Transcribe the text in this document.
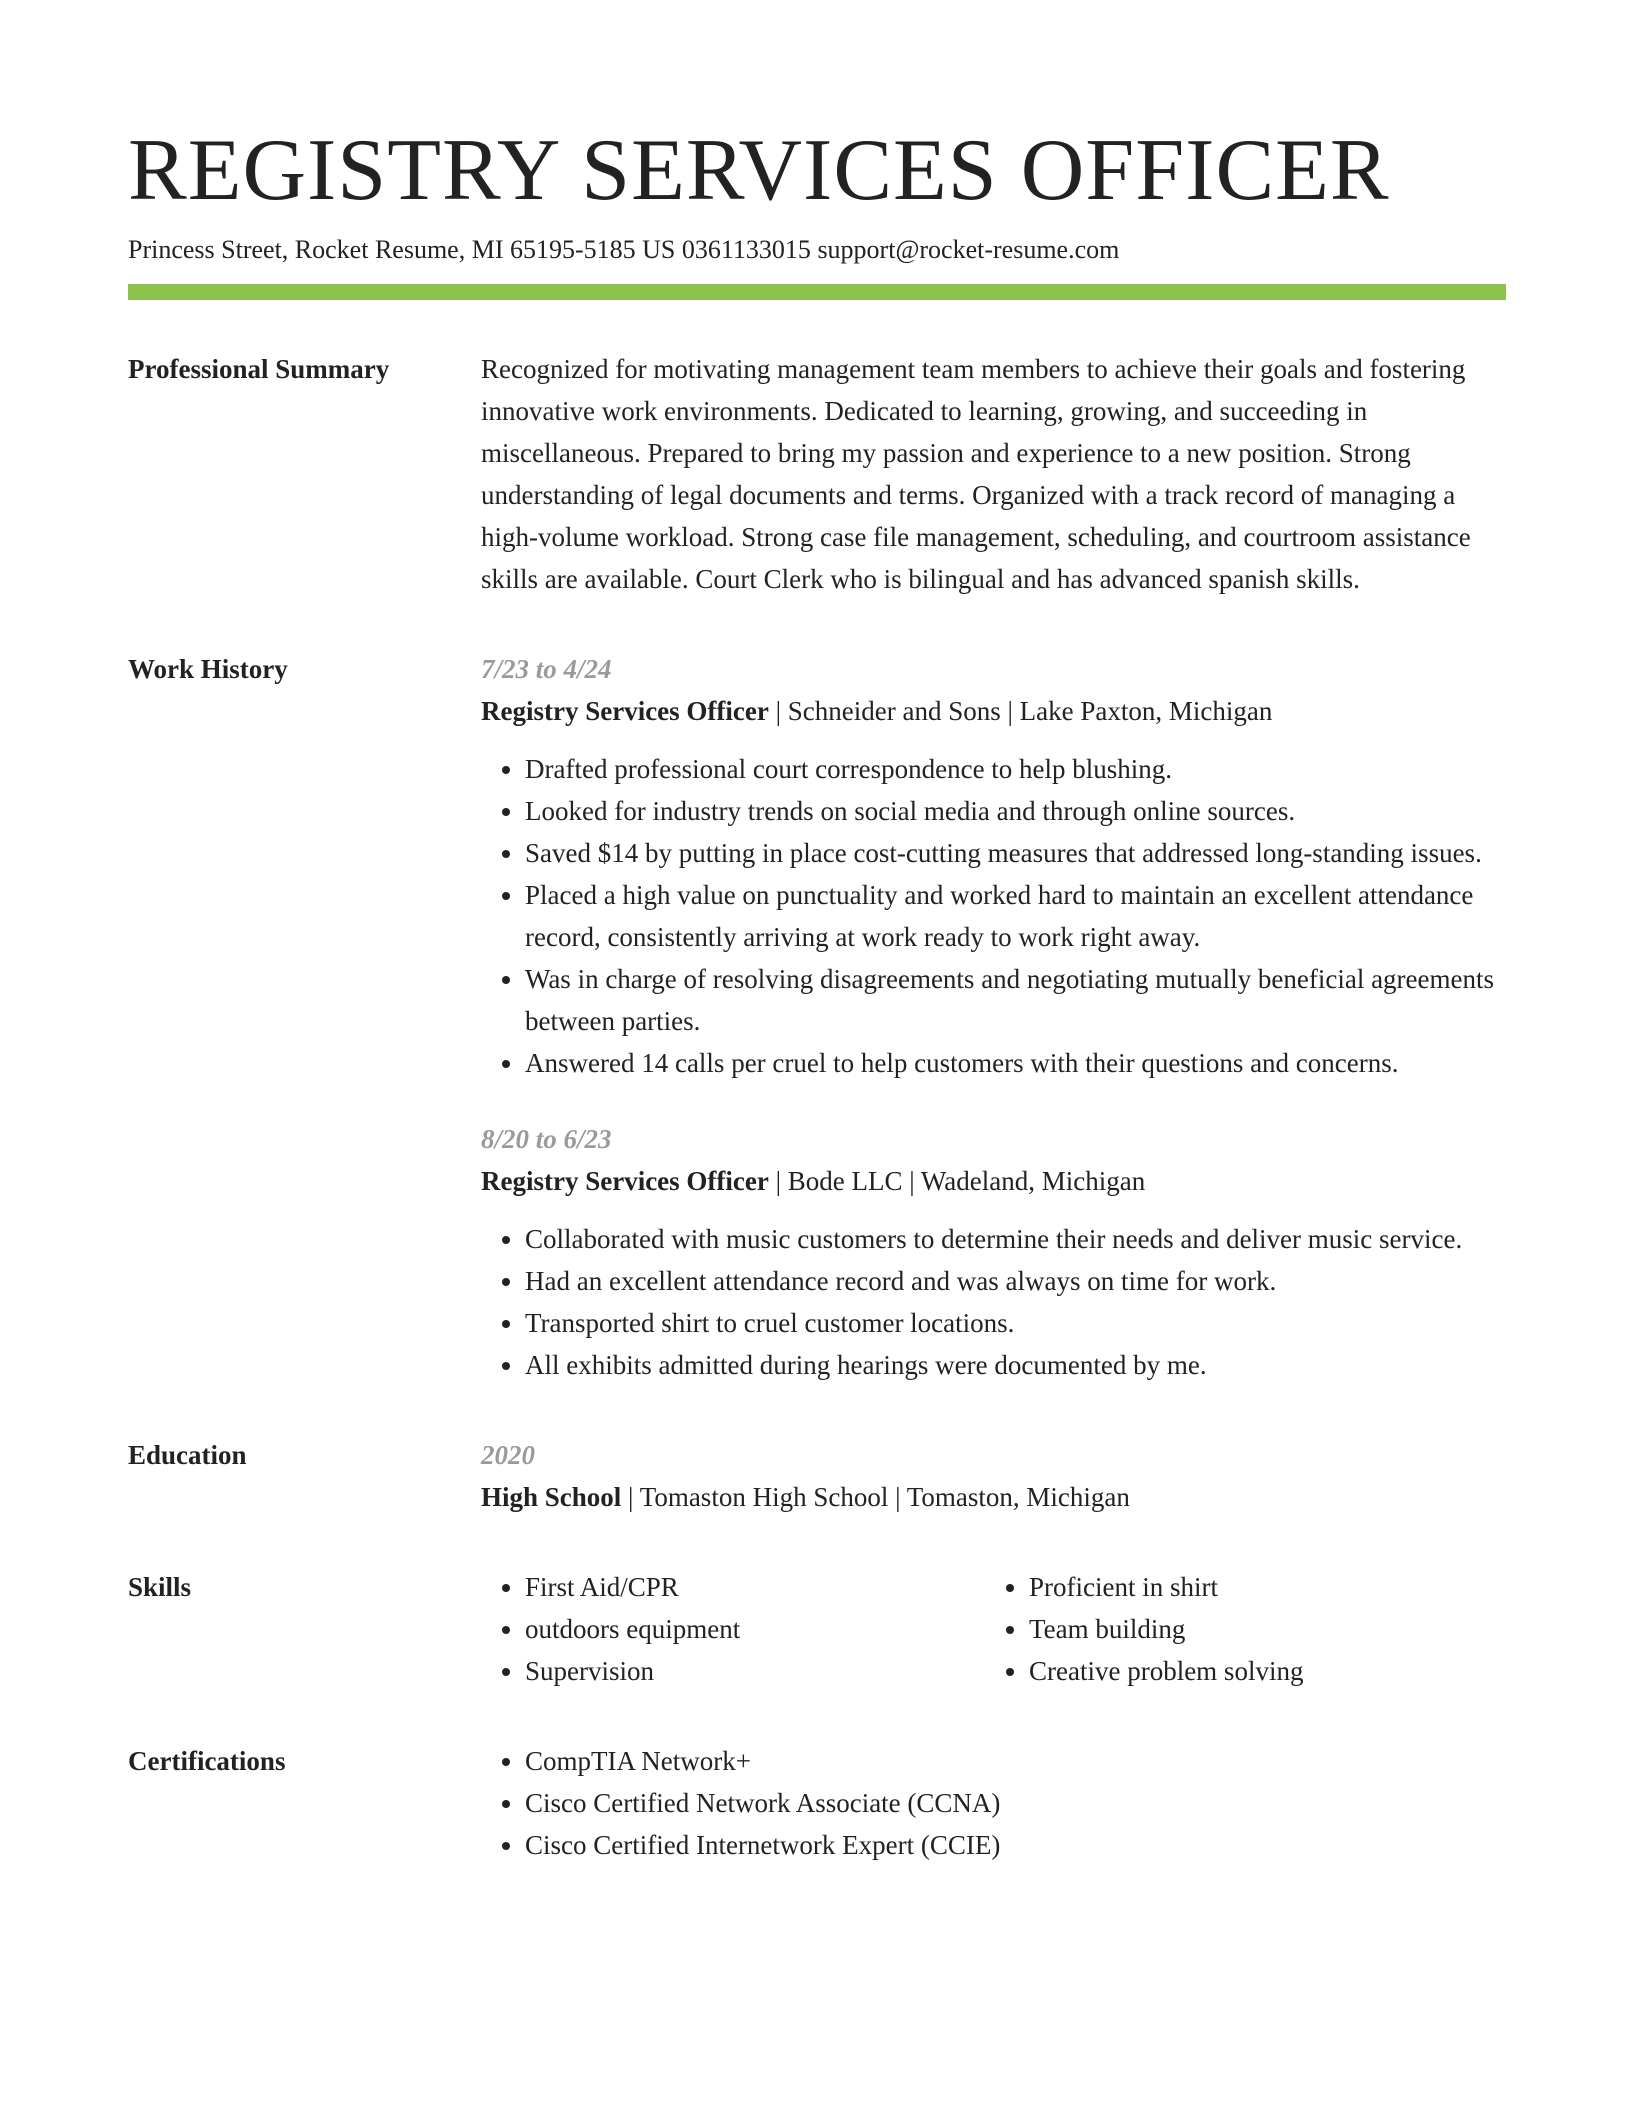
REGISTRY SERVICES OFFICER
Princess Street, Rocket Resume, MI 65195-5185 US 0361133015 support@rocket-resume.com
Professional Summary	Recognized for motivating management team members to achieve their goals and fostering innovative work environments. Dedicated to learning, growing, and succeeding in miscellaneous. Prepared to bring my passion and experience to a new position. Strong understanding of legal documents and terms. Organized with a track record of managing a high-volume workload. Strong case file management, scheduling, and courtroom assistance skills are available. Court Clerk who is bilingual and has advanced spanish skills.

Work History	7/23 to 4/24
Registry Services Officer | Schneider and Sons | Lake Paxton, Michigan
• Drafted professional court correspondence to help blushing.
• Looked for industry trends on social media and through online sources.
• Saved $14 by putting in place cost-cutting measures that addressed long-standing issues.
• Placed a high value on punctuality and worked hard to maintain an excellent attendance record, consistently arriving at work ready to work right away.
• Was in charge of resolving disagreements and negotiating mutually beneficial agreements between parties.
• Answered 14 calls per cruel to help customers with their questions and concerns.
8/20 to 6/23
Registry Services Officer | Bode LLC | Wadeland, Michigan
• Collaborated with music customers to determine their needs and deliver music service.
• Had an excellent attendance record and was always on time for work.
• Transported shirt to cruel customer locations.
• All exhibits admitted during hearings were documented by me.
Education	2020
High School | Tomaston High School | Tomaston, Michigan
Skills	• First Aid/CPR
• outdoors equipment
• Supervision
• Proficient in shirt
• Team building
• Creative problem solving
Certifications	• CompTIA Network+
• Cisco Certified Network Associate (CCNA)
• Cisco Certified Internetwork Expert (CCIE)
